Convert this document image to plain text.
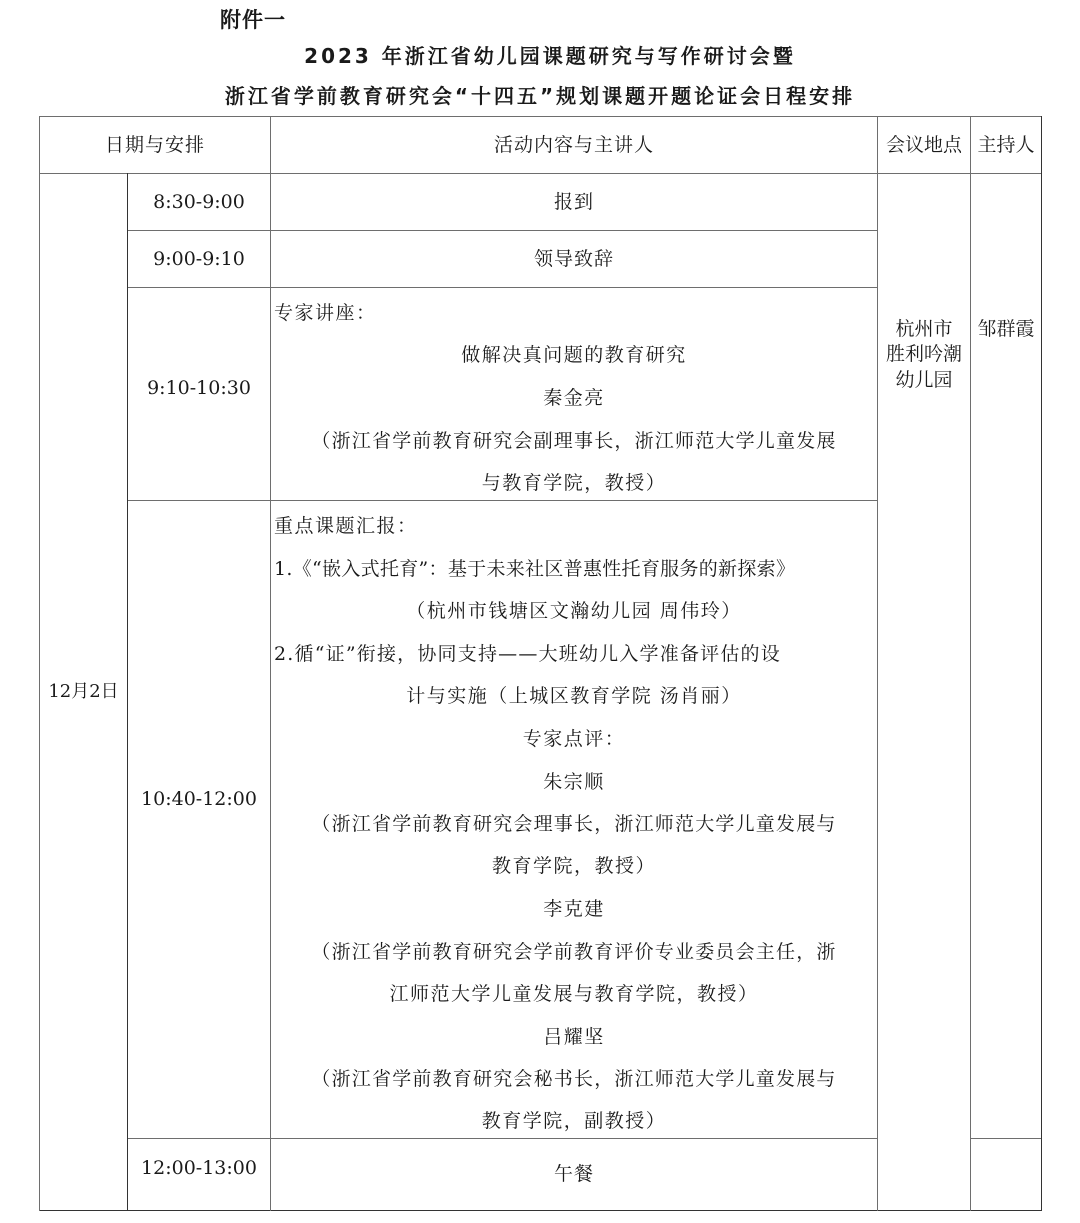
附件一
2023 年浙江省幼儿园课题研究与写作研讨会暨
浙江省学前教育研究会“十四五”规划课题开题论证会日程安排
日期与安排	活动内容与主讲人	会议地点 主持人
12月2日
8:30-9:00
9:00-9:10
9:10-10:30
10:40-12:00
12:00-13:00
报到
领导致辞
专家讲座：
做解决真问题的教育研究
秦金亮
（浙江省学前教育研究会副理事长，浙江师范大学儿童发展
与教育学院，教授）
重点课题汇报：
1.《“嵌入式托育”：基于未来社区普惠性托育服务的新探索》
（杭州市钱塘区文瀚幼儿园 周伟玲）
2.循“证”衔接，协同支持——大班幼儿入学准备评估的设
计与实施（上城区教育学院 汤肖丽）
专家点评：
朱宗顺
（浙江省学前教育研究会理事长，浙江师范大学儿童发展与
教育学院，教授）
李克建
（浙江省学前教育研究会学前教育评价专业委员会主任，浙
江师范大学儿童发展与教育学院，教授）
吕耀坚
（浙江省学前教育研究会秘书长，浙江师范大学儿童发展与
教育学院，副教授）
午餐
杭州市
胜利吟潮
幼儿园
邹群霞
